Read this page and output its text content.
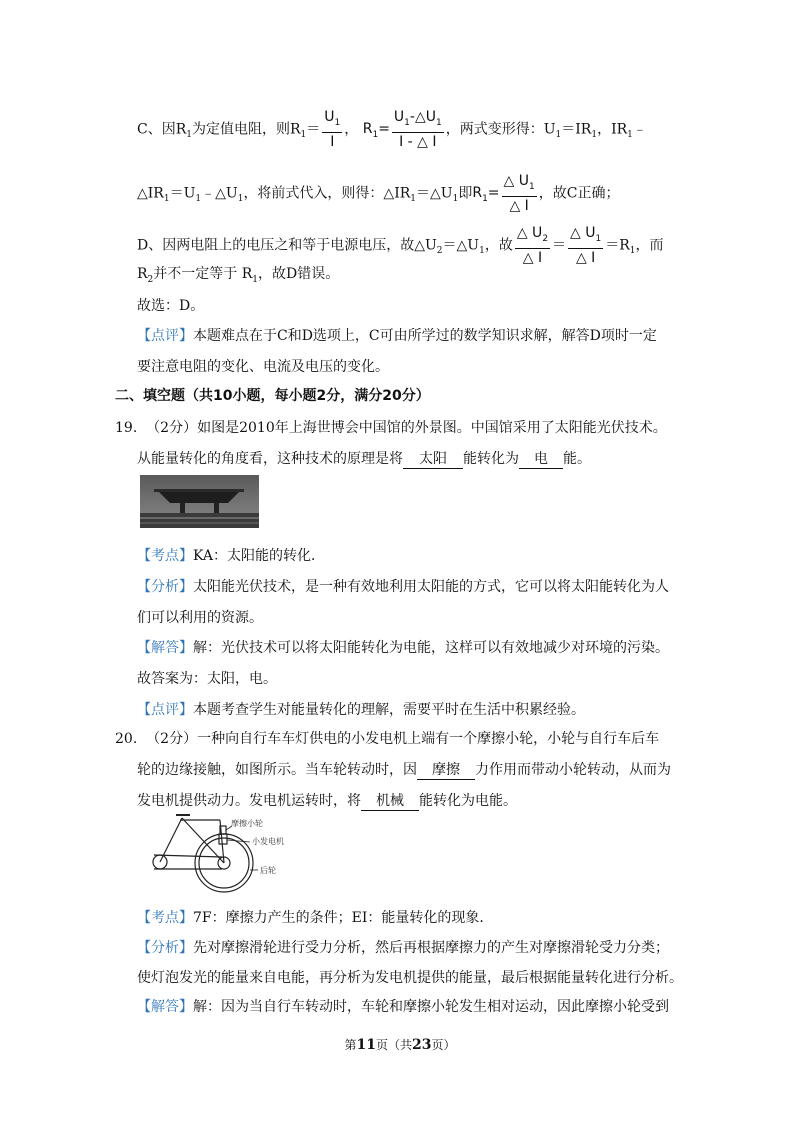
C、因$R_1$为定值电阻，则$R_1= \frac{U_1}{I}$ ， $R_1= \frac{U_1-\triangle U_1}{I - \triangle I}$ ，两式变形得：$U_1=IR_1$，$IR_1﹣$
$\triangle IR_1=U_1﹣\triangle U_1$，将前式代入，则得：$\triangle IR_1=\triangle U_1$即$R_1= \frac{\triangle U_1}{\triangle I}$ ，故C正确；
D、因两电阻上的电压之和等于电源电压，故$\triangle U_2=\triangle U_1$，故 $\frac{\triangle U_2}{\triangle I} = \frac{\triangle U_1}{\triangle I} =R_1$，而
$R_2$并不一定等于 $R_1$，故D错误。
故选：D。
【点评】本题难点在于C和D选项上，C可由所学过的数学知识求解，解答D项时一定
要注意电阻的变化、电流及电压的变化。
二、填空题（共10小题，每小题2分，满分20分）
19. （2分）如图是2010年上海世博会中国馆的外景图。中国馆采用了太阳能光伏技术。
从能量转化的角度看，这种技术的原理是将 太阳 能转化为 电 能。
【考点】KA：太阳能的转化．
【分析】太阳能光伏技术，是一种有效地利用太阳能的方式，它可以将太阳能转化为人
们可以利用的资源。
【解答】解：光伏技术可以将太阳能转化为电能，这样可以有效地减少对环境的污染。
故答案为：太阳，电。
【点评】本题考查学生对能量转化的理解，需要平时在生活中积累经验。
20. （2分）一种向自行车车灯供电的小发电机上端有一个摩擦小轮，小轮与自行车后车
轮的边缘接触，如图所示。当车轮转动时，因 摩擦 力作用而带动小轮转动，从而为
发电机提供动力。发电机运转时，将 机械 能转化为电能。
摩擦小轮
小发电机
后轮
【考点】7F：摩擦力产生的条件；EI：能量转化的现象．
【分析】先对摩擦滑轮进行受力分析，然后再根据摩擦力的产生对摩擦滑轮受力分类；
使灯泡发光的能量来自电能，再分析为发电机提供的能量，最后根据能量转化进行分析。
【解答】解：因为当自行车转动时，车轮和摩擦小轮发生相对运动，因此摩擦小轮受到
第11页（共23页）
